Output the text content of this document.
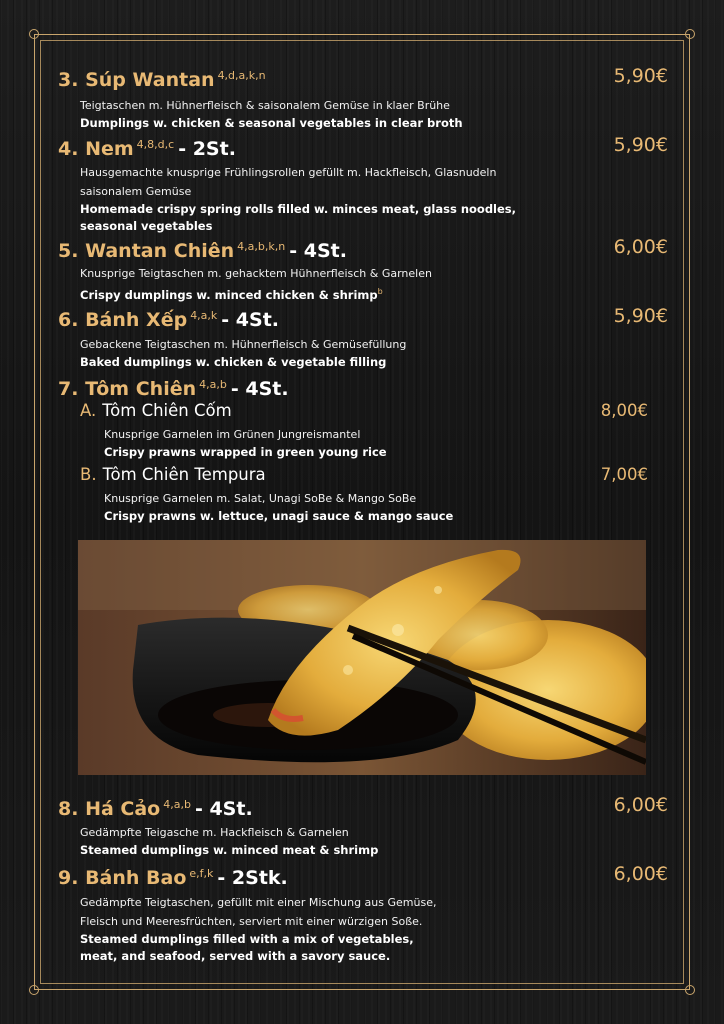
3. Súp Wantan $^{4,d,a,k,n}$	5,90€
Teigtaschen m. Hühnerfleisch & saisonalem Gemüse in klaer Brühe
Dumplings w. chicken & seasonal vegetables in clear broth
4. Nem $^{4,8,d,c}$ - 2St.	5,90€
Hausgemachte knusprige Frühlingsrollen gefüllt m. Hackfleisch, Glasnudeln
saisonalem Gemüse
Homemade crispy spring rolls filled w. minces meat, glass noodles,
seasonal vegetables
5. Wantan Chiên $^{4,a,b,k,n}$ - 4St.	6,00€
Knusprige Teigtaschen m. gehacktem Hühnerfleisch & Garnelen
Crispy dumplings w. minced chicken & shrimp$^b$
6. Bánh Xếp $^{4,a,k}$ - 4St.	5,90€
Gebackene Teigtaschen m. Hühnerfleisch & Gemüsefüllung
Baked dumplings w. chicken & vegetable filling
7. Tôm Chiên $^{4,a,b}$ - 4St.
A. Tôm Chiên Cốm	8,00€
Knusprige Garnelen im Grünen Jungreismantel
Crispy prawns wrapped in green young rice
B. Tôm Chiên Tempura	7,00€
Knusprige Garnelen m. Salat, Unagi SoBe & Mango SoBe
Crispy prawns w. lettuce, unagi sauce & mango sauce
8. Há Cảo $^{4,a,b}$ - 4St.	6,00€
Gedämpfte Teigasche m. Hackfleisch & Garnelen
Steamed dumplings w. minced meat & shrimp
9. Bánh Bao $^{e,f,k}$ - 2Stk.	6,00€
Gedämpfte Teigtaschen, gefüllt mit einer Mischung aus Gemüse,
Fleisch und Meeresfrüchten, serviert mit einer würzigen Soße.
Steamed dumplings filled with a mix of vegetables,
meat, and seafood, served with a savory sauce.
